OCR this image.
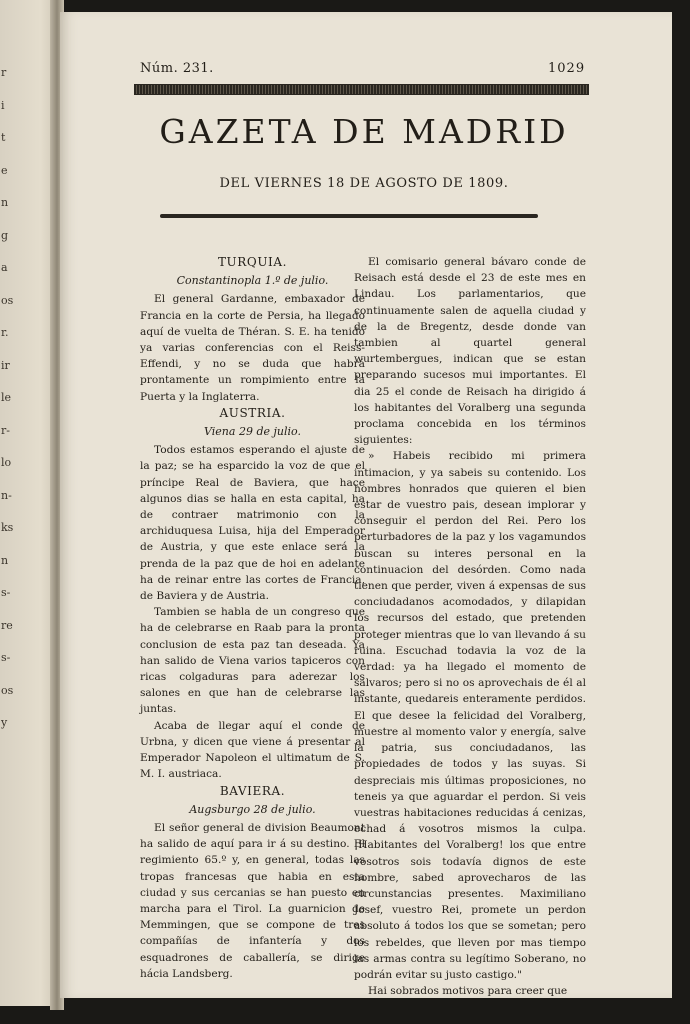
r
i
t
e
n
g
a
os
r.
ir
le
r-
lo
n-
ks
n
s-
re
s-
os
y
Núm. 231.	1029
GAZETA DE MADRID
DEL VIERNES 18 DE AGOSTO DE 1809.
TURQUIA.
Constantinopla 1.º de julio.

El general Gardanne, embaxador de Francia en la corte de Persia, ha llegado aquí de vuelta de Théran. S. E. ha tenido ya varias conferencias con el Reiss-Effendi, y no se duda que habrá prontamente un rompimiento entre la Puerta y la Inglaterra.

AUSTRIA.
Viena 29 de julio.

Todos estamos esperando el ajuste de la paz; se ha esparcido la voz de que el príncipe Real de Baviera, que hace algunos dias se halla en esta capital, ha de contraer matrimonio con la archiduquesa Luisa, hija del Emperador de Austria, y que este enlace será la prenda de la paz que de hoi en adelante ha de reinar entre las cortes de Francia, de Baviera y de Austria.

Tambien se habla de un congreso que ha de celebrarse en Raab para la pronta conclusion de esta paz tan deseada. Ya han salido de Viena varios tapiceros con ricas colgaduras para aderezar los salones en que han de celebrarse las juntas.

Acaba de llegar aquí el conde de Urbna, y dicen que viene á presentar al Emperador Napoleon el ultimatum de S. M. I. austriaca.

BAVIERA.
Augsburgo 28 de julio.

El señor general de division Beaumont ha salido de aquí para ir á su destino. El regimiento 65.º y, en general, todas las tropas francesas que habia en esta ciudad y sus cercanias se han puesto en marcha para el Tirol. La guarnicion de Memmingen, que se compone de tres compañías de infantería y dos esquadrones de caballería, se dirige hácia Landsberg.

El comisario general bávaro conde de Reisach está desde el 23 de este mes en Lindau. Los parlamentarios, que continuamente salen de aquella ciudad y de la de Bregentz, desde donde van tambien al quartel general wurtembergues, indican que se estan preparando sucesos mui importantes. El dia 25 el conde de Reisach ha dirigido á los habitantes del Voralberg una segunda proclama concebida en los términos siguientes:

» Habeis recibido mi primera intimacion, y ya sabeis su contenido. Los hombres honrados que quieren el bien estar de vuestro pais, desean implorar y conseguir el perdon del Rei. Pero los perturbadores de la paz y los vagamundos buscan su interes personal en la continuacion del desórden. Como nada tienen que perder, viven á expensas de sus conciudadanos acomodados, y dilapidan los recursos del estado, que pretenden proteger mientras que lo van llevando á su ruina. Escuchad todavia la voz de la verdad: ya ha llegado el momento de salvaros; pero si no os aprovechais de él al instante, quedareis enteramente perdidos. El que desee la felicidad del Voralberg, muestre al momento valor y energía, salve la patria, sus conciudadanos, las propiedades de todos y las suyas. Si despreciais mis últimas proposiciones, no teneis ya que aguardar el perdon. Si veis vuestras habitaciones reducidas á cenizas, echad á vosotros mismos la culpa. ¡Habitantes del Voralberg! los que entre vosotros sois todavía dignos de este nombre, sabed aprovecharos de las circunstancias presentes. Maximiliano Josef, vuestro Rei, promete un perdon absoluto á todos los que se sometan; pero los rebeldes, que lleven por mas tiempo las armas contra su legítimo Soberano, no podrán evitar su justo castigo."

Hai sobrados motivos para creer que
